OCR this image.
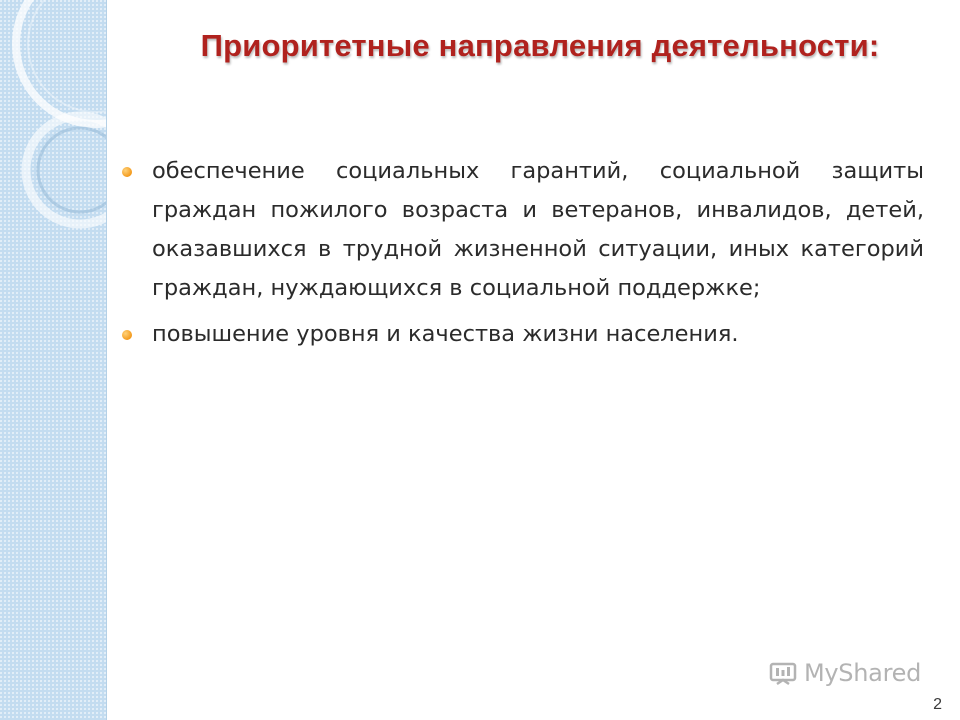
Приоритетные направления деятельности:
обеспечение социальных гарантий, социальной защиты граждан пожилого возраста и ветеранов, инвалидов, детей, оказавшихся в трудной жизненной ситуации, иных категорий граждан, нуждающихся в социальной поддержке;
повышение уровня и качества жизни населения.
MyShared
2
